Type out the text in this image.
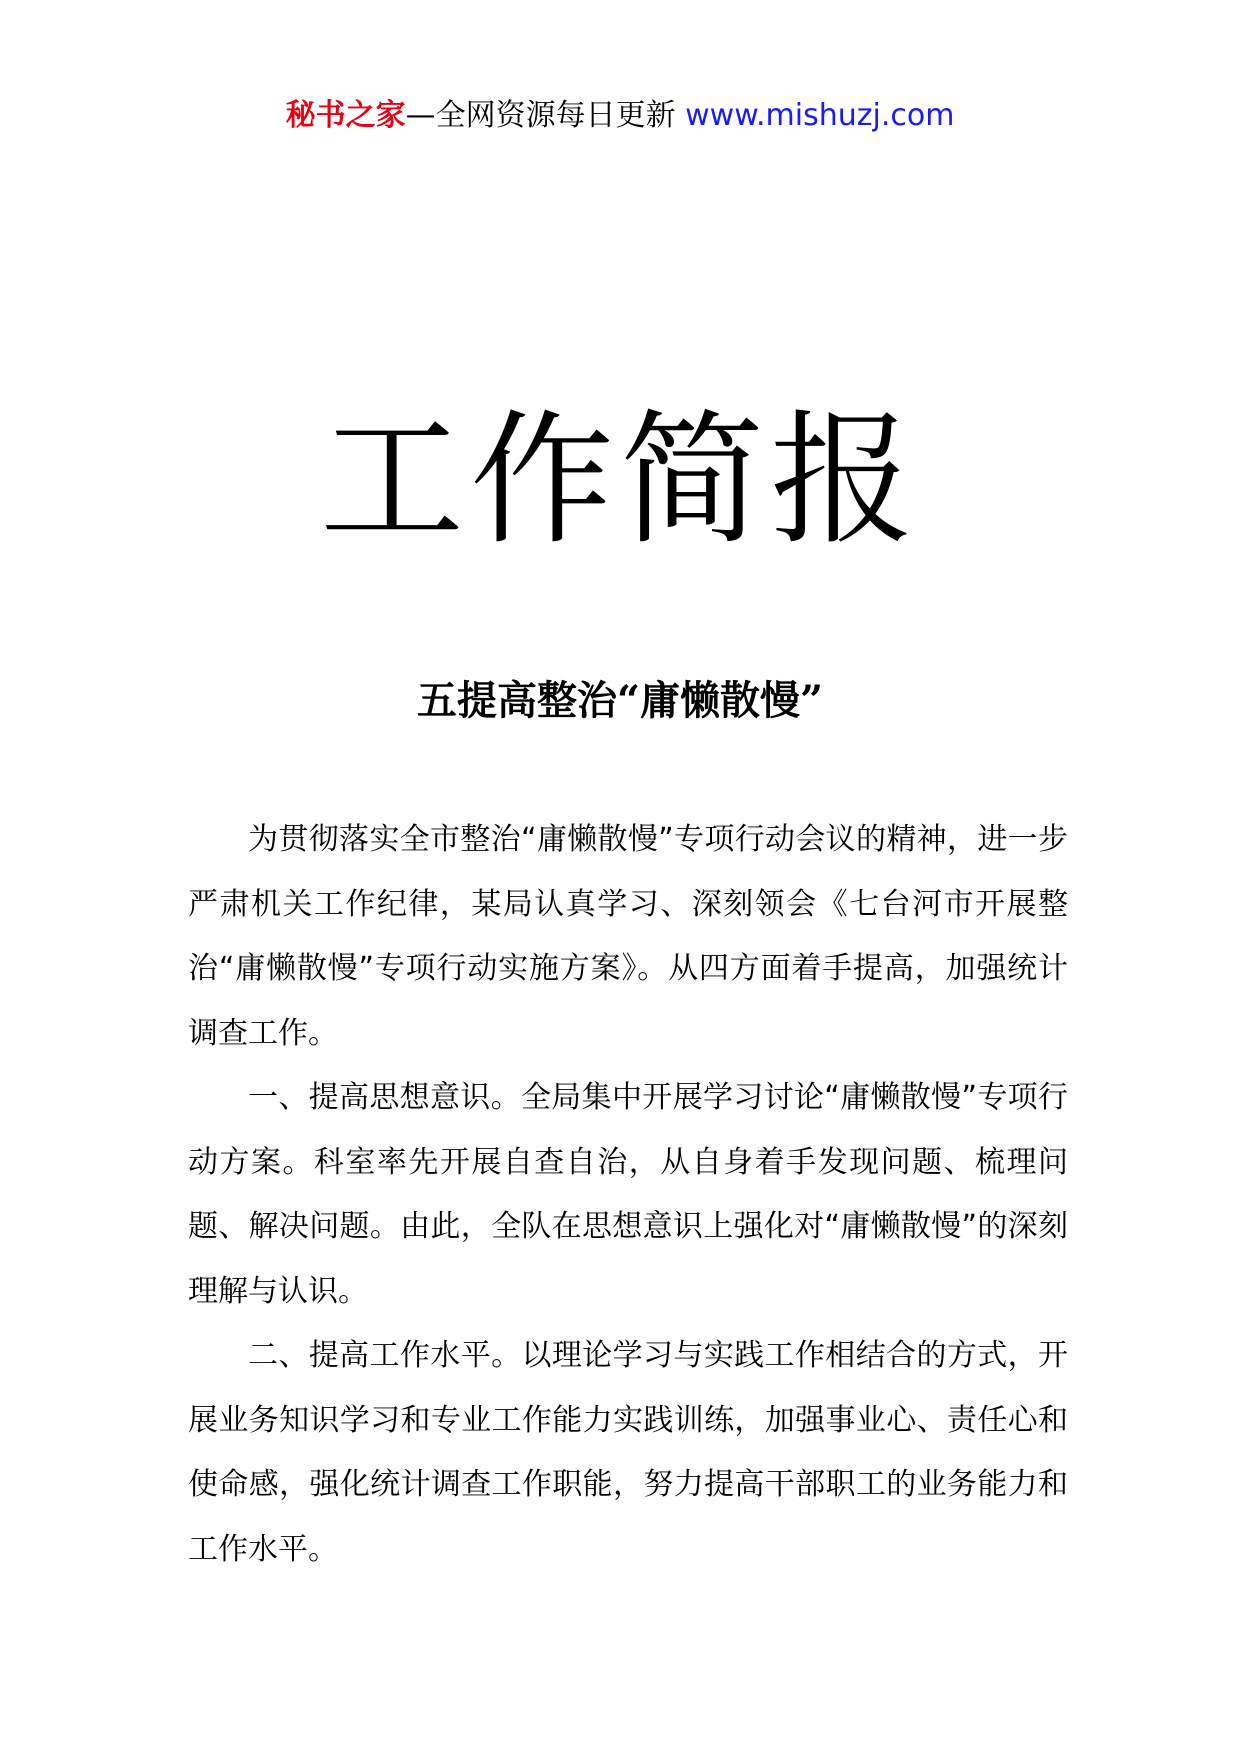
秘书之家—全网资源每日更新 www.mishuzj.com
工作简报
五提高整治“庸懒散慢”

为贯彻落实全市整治“庸懒散慢”专项行动会议的精神，进一步严肃机关工作纪律，某局认真学习、深刻领会《七台河市开展整治“庸懒散慢”专项行动实施方案》。从四方面着手提高，加强统计调查工作。

一、提高思想意识。全局集中开展学习讨论“庸懒散慢”专项行动方案。科室率先开展自查自治，从自身着手发现问题、梳理问题、解决问题。由此，全队在思想意识上强化对“庸懒散慢”的深刻理解与认识。

二、提高工作水平。以理论学习与实践工作相结合的方式，开展业务知识学习和专业工作能力实践训练，加强事业心、责任心和使命感，强化统计调查工作职能，努力提高干部职工的业务能力和工作水平。
